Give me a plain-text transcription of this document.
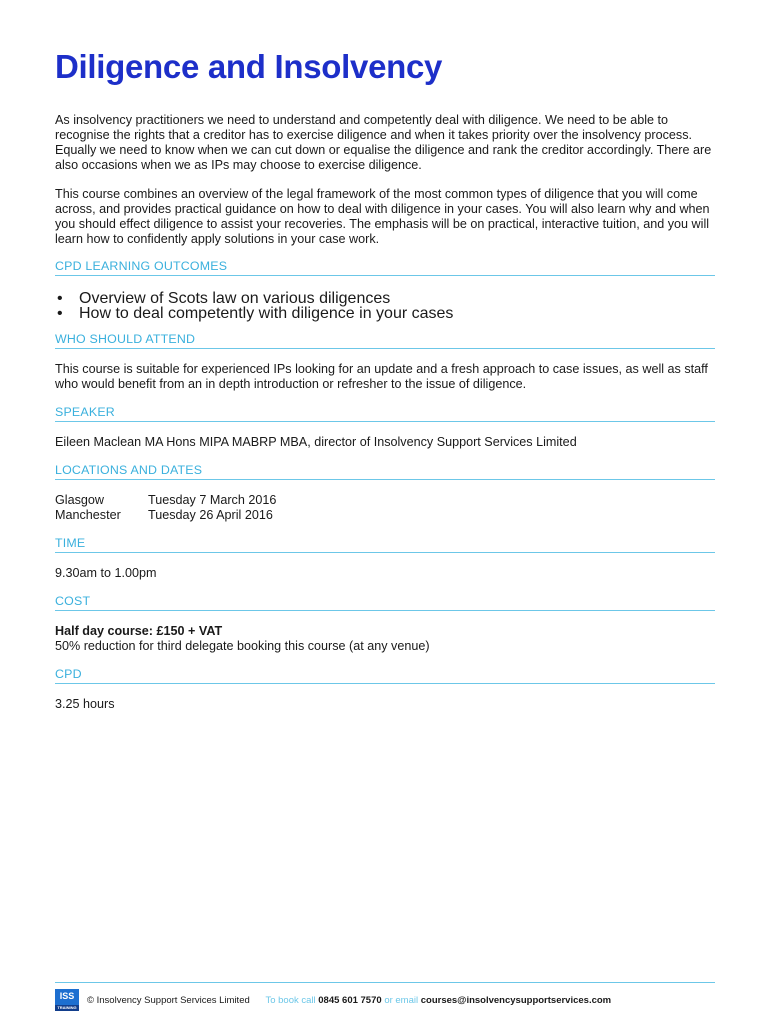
Diligence and Insolvency

As insolvency practitioners we need to understand and competently deal with diligence. We need to be able to recognise the rights that a creditor has to exercise diligence and when it takes priority over the insolvency process. Equally we need to know when we can cut down or equalise the diligence and rank the creditor accordingly. There are also occasions when we as IPs may choose to exercise diligence.

This course combines an overview of the legal framework of the most common types of diligence that you will come across, and provides practical guidance on how to deal with diligence in your cases. You will also learn why and when you should effect diligence to assist your recoveries. The emphasis will be on practical, interactive tuition, and you will learn how to confidently apply solutions in your case work.

CPD LEARNING OUTCOMES
• Overview of Scots law on various diligences
• How to deal competently with diligence in your cases
WHO SHOULD ATTEND
This course is suitable for experienced IPs looking for an update and a fresh approach to case issues, as well as staff who would benefit from an in depth introduction or refresher to the issue of diligence.
SPEAKER
Eileen Maclean MA Hons MIPA MABRP MBA, director of Insolvency Support Services Limited
LOCATIONS AND DATES
Glasgow	Tuesday 7 March 2016
Manchester	Tuesday 26 April 2016
TIME
9.30am to 1.00pm
COST
Half day course: £150 + VAT
50% reduction for third delegate booking this course (at any venue)
CPD
3.25 hours
ISS
TRAINING
© Insolvency Support Services Limited To book call 0845 601 7570 or email courses@insolvencysupportservices.com
